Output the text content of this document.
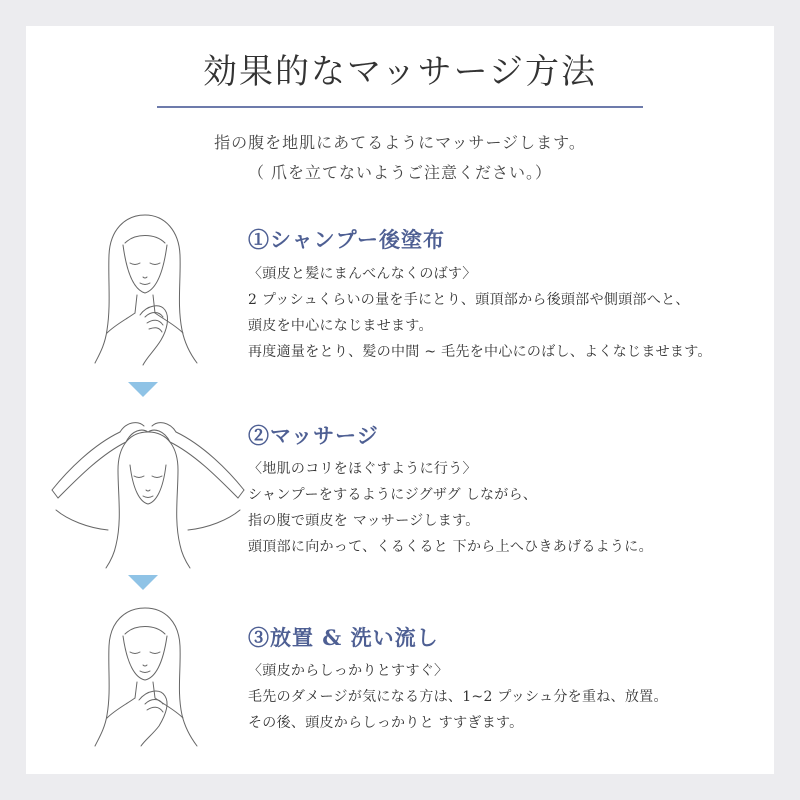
効果的なマッサージ方法
指の腹を地肌にあてるようにマッサージします。
（ 爪を立てないようご注意ください。）
①シャンプー後塗布
〈頭皮と髪にまんべんなくのばす〉
2 プッシュくらいの量を手にとり、頭頂部から後頭部や側頭部へと、
頭皮を中心になじませます。
再度適量をとり、髪の中間 ~ 毛先を中心にのばし、よくなじませます。
②マッサージ
〈地肌のコリをほぐすように行う〉
シャンプーをするようにジグザグ しながら、
指の腹で頭皮を マッサージします。
頭頂部に向かって、くるくると 下から上へひきあげるように。
③放置 & 洗い流し
〈頭皮からしっかりとすすぐ〉
毛先のダメージが気になる方は、1~2 プッシュ分を重ね、放置。
その後、頭皮からしっかりと すすぎます。
